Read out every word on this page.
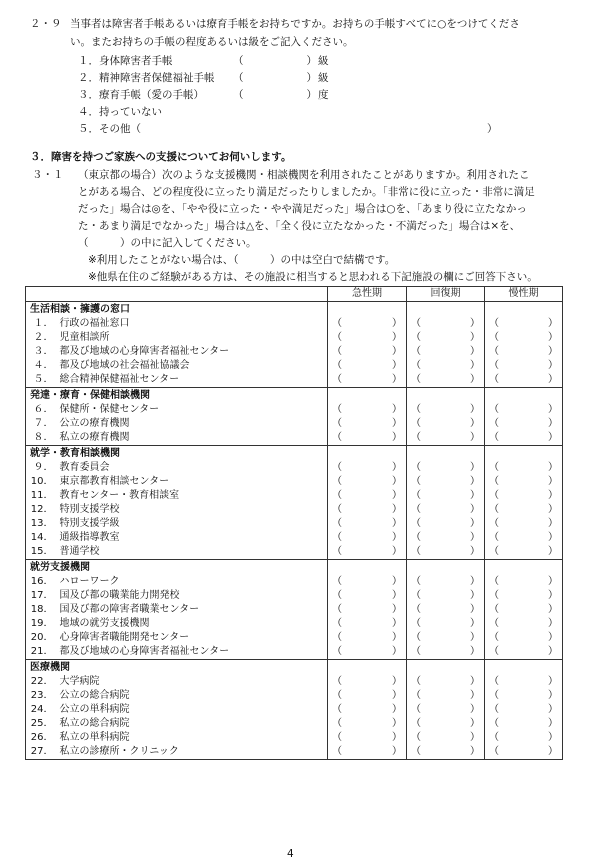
２・９ 当事者は障害者手帳あるいは療育手帳をお持ちですか。お持ちの手帳すべてに○をつけてくださ
い。またお持ちの手帳の程度あるいは級をご記入ください。
１．身体障害者手帳	（　　　　　　） 級
２．精神障害者保健福祉手帳 （　　　　　　） 級
３．療育手帳（愛の手帳）	（　　　　　　） 度
４．持っていない
５．その他（	）
３．障害を持つご家族への支援についてお伺いします。
３・１ （東京都の場合）次のような支援機関・相談機関を利用されたことがありますか。利用されたこ
とがある場合、どの程度役に立ったり満足だったりしましたか。「非常に役に立った・非常に満足
だった」場合は◎を、「やや役に立った・やや満足だった」場合は○を、「あまり役に立たなかっ
た・あまり満足でなかった」場合は△を、「全く役に立たなかった・不満だった」場合は×を、
（　　　）の中に記入してください。
※利用したことがない場合は、（　　　）の中は空白で結構です。
※他県在住のご経験がある方は、その施設に相当すると思われる下記施設の欄にご回答下さい。
		急性期	回復期	慢性期
生活相談・擁護の窓口				
１．	行政の福祉窓口	（ ）	（ ）	（ ）

２．	児童相談所	（ ）	（ ）	（ ）

３．	都及び地域の心身障害者福祉センター	（ ）	（ ）	（ ）

４．	都及び地域の社会福祉協議会	（ ）	（ ）	（ ）

５．	総合精神保健福祉センター	（ ）	（ ）	（ ）

発達・療育・保健相談機関				
６．	保健所・保健センター	（ ）	（ ）	（ ）

７．	公立の療育機関	（ ）	（ ）	（ ）

８．	私立の療育機関	（ ）	（ ）	（ ）

就学・教育相談機関				
９．	教育委員会	（ ）	（ ）	（ ）

10．	東京都教育相談センター	（ ）	（ ）	（ ）

11．	教育センター・教育相談室	（ ）	（ ）	（ ）

12．	特別支援学校	（ ）	（ ）	（ ）

13．	特別支援学級	（ ）	（ ）	（ ）

14．	通級指導教室	（ ）	（ ）	（ ）

15．	普通学校	（ ）	（ ）	（ ）

就労支援機関				
16．	ハローワーク	（ ）	（ ）	（ ）

17．	国及び都の職業能力開発校	（ ）	（ ）	（ ）

18．	国及び都の障害者職業センター	（ ）	（ ）	（ ）

19．	地域の就労支援機関	（ ）	（ ）	（ ）

20．	心身障害者職能開発センター	（ ）	（ ）	（ ）

21．	都及び地域の心身障害者福祉センター	（ ）	（ ）	（ ）

医療機関				
22．	大学病院	（ ）	（ ）	（ ）

23．	公立の総合病院	（ ）	（ ）	（ ）

24．	公立の単科病院	（ ）	（ ）	（ ）

25．	私立の総合病院	（ ）	（ ）	（ ）

26．	私立の単科病院	（ ）	（ ）	（ ）

27．	私立の診療所・クリニック	（ ）	（ ）	（ ）
4
